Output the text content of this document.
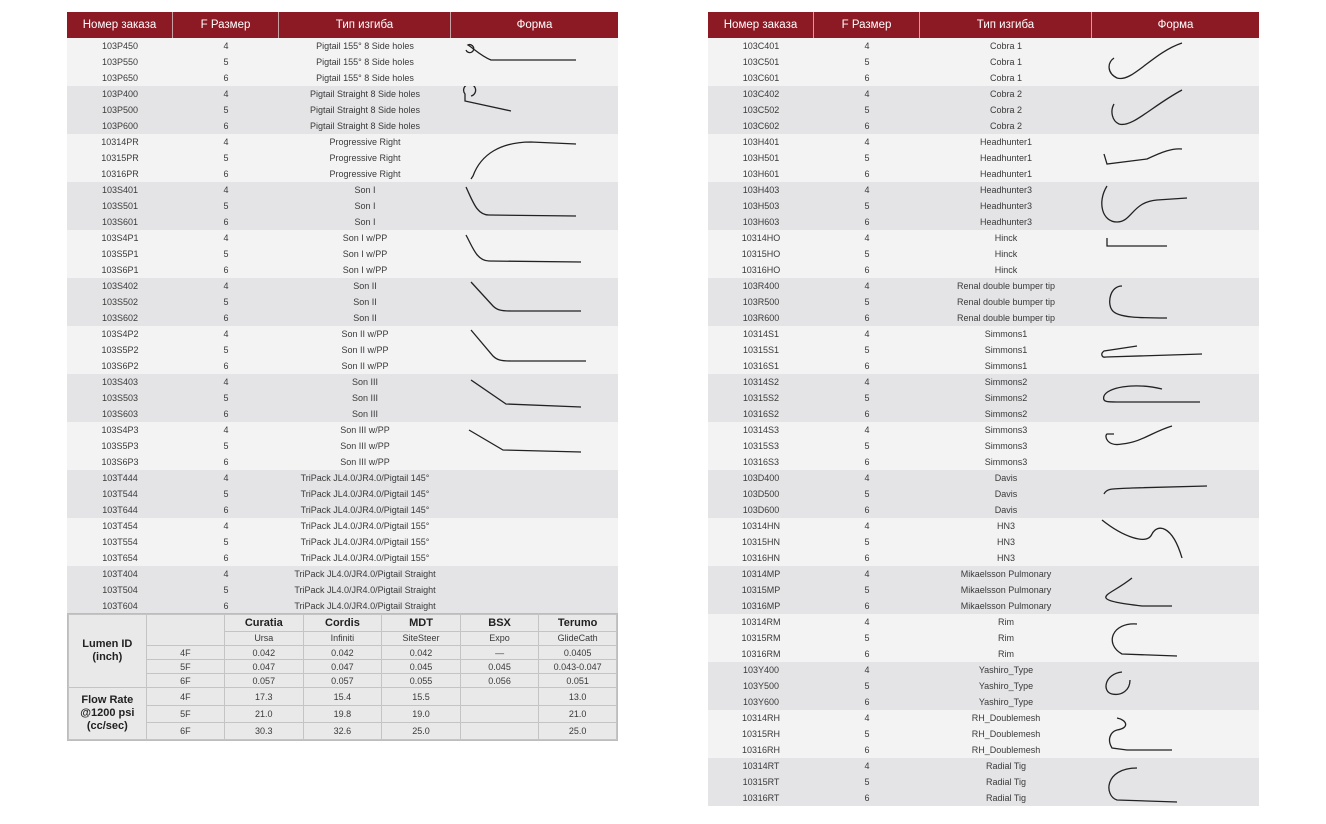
Номер заказа	F Размер	Тип изгиба	Форма
103P450	4	Pigtail 155° 8 Side holes
103P550	5	Pigtail 155° 8 Side holes
103P650	6	Pigtail 155° 8 Side holes
103P400	4	Pigtail Straight 8 Side holes
103P500	5	Pigtail Straight 8 Side holes
103P600	6	Pigtail Straight 8 Side holes
10314PR	4	Progressive Right
10315PR	5	Progressive Right
10316PR	6	Progressive Right
103S401	4	Son I
103S501	5	Son I
103S601	6	Son I
103S4P1	4	Son I w/PP
103S5P1	5	Son I w/PP
103S6P1	6	Son I w/PP
103S402	4	Son II
103S502	5	Son II
103S602	6	Son II
103S4P2	4	Son II w/PP
103S5P2	5	Son II w/PP
103S6P2	6	Son II w/PP
103S403	4	Son III
103S503	5	Son III
103S603	6	Son III
103S4P3	4	Son III w/PP
103S5P3	5	Son III w/PP
103S6P3	6	Son III w/PP
103T444	4	TriPack JL4.0/JR4.0/Pigtail 145°
103T544	5	TriPack JL4.0/JR4.0/Pigtail 145°
103T644	6	TriPack JL4.0/JR4.0/Pigtail 145°
103T454	4	TriPack JL4.0/JR4.0/Pigtail 155°
103T554	5	TriPack JL4.0/JR4.0/Pigtail 155°
103T654	6	TriPack JL4.0/JR4.0/Pigtail 155°
103T404	4	TriPack JL4.0/JR4.0/Pigtail Straight
103T504	5	TriPack JL4.0/JR4.0/Pigtail Straight
103T604	6	TriPack JL4.0/JR4.0/Pigtail Straight
Номер заказа	F Размер	Тип изгиба	Форма
103C401	4	Cobra 1
103C501	5	Cobra 1
103C601	6	Cobra 1
103C402	4	Cobra 2
103C502	5	Cobra 2
103C602	6	Cobra 2
103H401	4	Headhunter1
103H501	5	Headhunter1
103H601	6	Headhunter1
103H403	4	Headhunter3
103H503	5	Headhunter3
103H603	6	Headhunter3
10314HO	4	Hinck
10315HO	5	Hinck
10316HO	6	Hinck
103R400	4	Renal double bumper tip
103R500	5	Renal double bumper tip
103R600	6	Renal double bumper tip
10314S1	4	Simmons1
10315S1	5	Simmons1
10316S1	6	Simmons1
10314S2	4	Simmons2
10315S2	5	Simmons2
10316S2	6	Simmons2
10314S3	4	Simmons3
10315S3	5	Simmons3
10316S3	6	Simmons3
103D400	4	Davis
103D500	5	Davis
103D600	6	Davis
10314HN	4	HN3
10315HN	5	HN3
10316HN	6	HN3
10314MP	4	Mikaelsson Pulmonary
10315MP	5	Mikaelsson Pulmonary
10316MP	6	Mikaelsson Pulmonary
10314RM	4	Rim
10315RM	5	Rim
10316RM	6	Rim
103Y400	4	Yashiro_Type
103Y500	5	Yashiro_Type
103Y600	6	Yashiro_Type
10314RH	4	RH_Doublemesh
10315RH	5	RH_Doublemesh
10316RH	6	RH_Doublemesh
10314RT	4	Radial Tig
10315RT	5	Radial Tig
10316RT	6	Radial Tig
Lumen ID
(inch)		Curatia	Cordis	MDT	BSX	Terumo
		Ursa	Infiniti	SiteSteer	Expo	GlideCath
	4F	0.042	0.042	0.042	—	0.0405
	5F	0.047	0.047	0.045	0.045	0.043-0.047
	6F	0.057	0.057	0.055	0.056	0.051

Flow Rate
@1200 psi
(cc/sec)	4F	17.3	15.4	15.5		13.0
	5F	21.0	19.8	19.0		21.0
	6F	30.3	32.6	25.0		25.0
